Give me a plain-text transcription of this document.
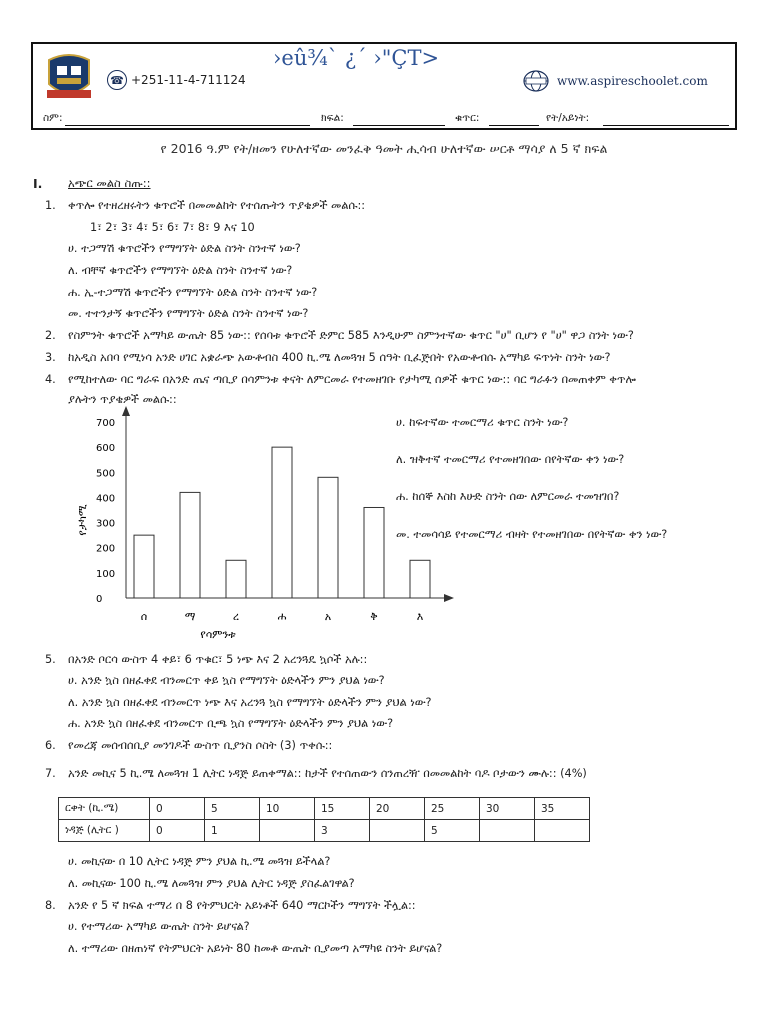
☎ +251-11-4-711124
›eû¾` ¿´ ›"ÇT>
www.aspireschoolet.com
ስም:	ክፍል:	ቁጥር:	የት/አይነት:
የ 2016 ዓ.ም የት/ዘመን የሁለተኛው መንፈቅ ዓመት ሒሳብ ሁለተኛው ሠርቶ ማሳያ ለ 5 ኛ ክፍል
I. አጭር መልስ ስጡ::
1. ቀጥሎ የተዘረዘሩትን ቁጥሮች በመመልከት የተሰጡትን ጥያቄዎች መልሱ::
1፣ 2፣ 3፣ 4፣ 5፣ 6፣ 7፣ 8፣ 9 እና 10
ሀ. ተጋማሽ ቁጥሮችን የማግኘት ዕድል ስንት ስንተኛ ነው?
ለ. ብቸኛ ቁጥሮችን የማግኘት ዕድል ስንት ስንተኛ ነው?
ሐ. ኢ-ተጋማሽ ቁጥሮችን የማግኘት ዕድል ስንት ስንተኛ ነው?
መ. ተተንታኝ ቁጥሮችን የማግኘት ዕድል ስንት ስንተኛ ነው?
2. የስምንት ቁጥሮች አማካይ ውጤት 85 ነው:: የሰባቱ ቁጥሮች ድምር 585 እንዲሁም ስምንተኛው ቁጥር "ሀ" ቢሆን የ "ሀ" ዋጋ ስንት ነው?
3. ከአዲስ አበባ የሚነሳ አንድ ሀገር አቋራጭ አውቶብስ 400 ኪ.ሜ ለመጓዝ 5 ሰዓት ቢፈጅበት የአውቶብሱ አማካይ ፍጥነት ስንት ነው?
4. የሚከተለው ባር ግራፍ በአንድ ጤና ጣቢያ በሳምንቱ ቀናት ለምርመራ የተመዘገቡ የታካሚ ሰዎች ቁጥር ነው:: ባር ግራፉን በመጠቀም ቀጥሎ
ያሉትን ጥያቄዎች መልሱ::
0
100
200
300
400
500
600
700
ሰ	ማ	ረ	ሐ	አ	ቅ	እ
የሳምንቱ
የታካሚ
ሀ. ከፍተኛው ተመርማሪ ቁጥር ስንት ነው?
ለ. ዝቅተኛ ተመርማሪ የተመዘገበው በየትኛው ቀን ነው?
ሐ. ከሰኞ እስከ እሁድ ስንት ሰው ለምርመራ ተመዝገበ?
መ. ተመሳሳይ የተመርማሪ ብዛት የተመዘገበው በየትኛው ቀን ነው?
5. በአንድ ቦርሳ ውስጥ 4 ቀይ፣ 6 ጥቁር፣ 5 ነጭ እና 2 አረንጓዴ ኳሶች አሉ::
ሀ. አንድ ኳስ በዘፈቀደ ብንመርጥ ቀይ ኳስ የማግኘት ዕድላችን ምን ያህል ነው?
ለ. አንድ ኳስ በዘፈቀደ ብንመርጥ ነጭ እና አረንጓ ኳስ የማግኘት ዕድላችን ምን ያህል ነው?
ሐ. አንድ ኳስ በዘፈቀደ ብንመርጥ ቢጫ ኳስ የማግኘት ዕድላችን ምን ያህል ነው?
6. የመረጃ መሰብሰቢያ መንገዶች ውስጥ ቢያንስ ሶስት (3) ጥቀሱ::
7. አንድ መኪና 5 ኪ.ሜ ለመጓዝ 1 ሊትር ነዳጅ ይጠቀማል:: ከታች የተሰጠውን ሰንጠረዥ በመመልከት ባዶ ቦታውን ሙሉ:: (4%)
ርቀት (ኪ.ሜ)	0	5	10	15	20	25	30	35
ነዳጅ (ሊትር )	0	1		3		5		
ሀ. መኪናው በ 10 ሊትር ነዳጅ ምን ያህል ኪ.ሜ መጓዝ ይችላል?
ለ. መኪናው 100 ኪ.ሜ ለመጓዝ ምን ያህል ሊትር ነዳጅ ያስፈልገዋል?
8. አንድ የ 5 ኛ ክፍል ተማሪ በ 8 የትምህርት አይነቶች 640 ማርኮችን ማግኘት ችሏል::
ሀ. የተማሪው አማካይ ውጤት ስንት ይሆናል?
ለ. ተማሪው በዘጠነኛ የትምህርት አይነት 80 ከመቶ ውጤት ቢያመጣ አማካዩ ስንት ይሆናል?
